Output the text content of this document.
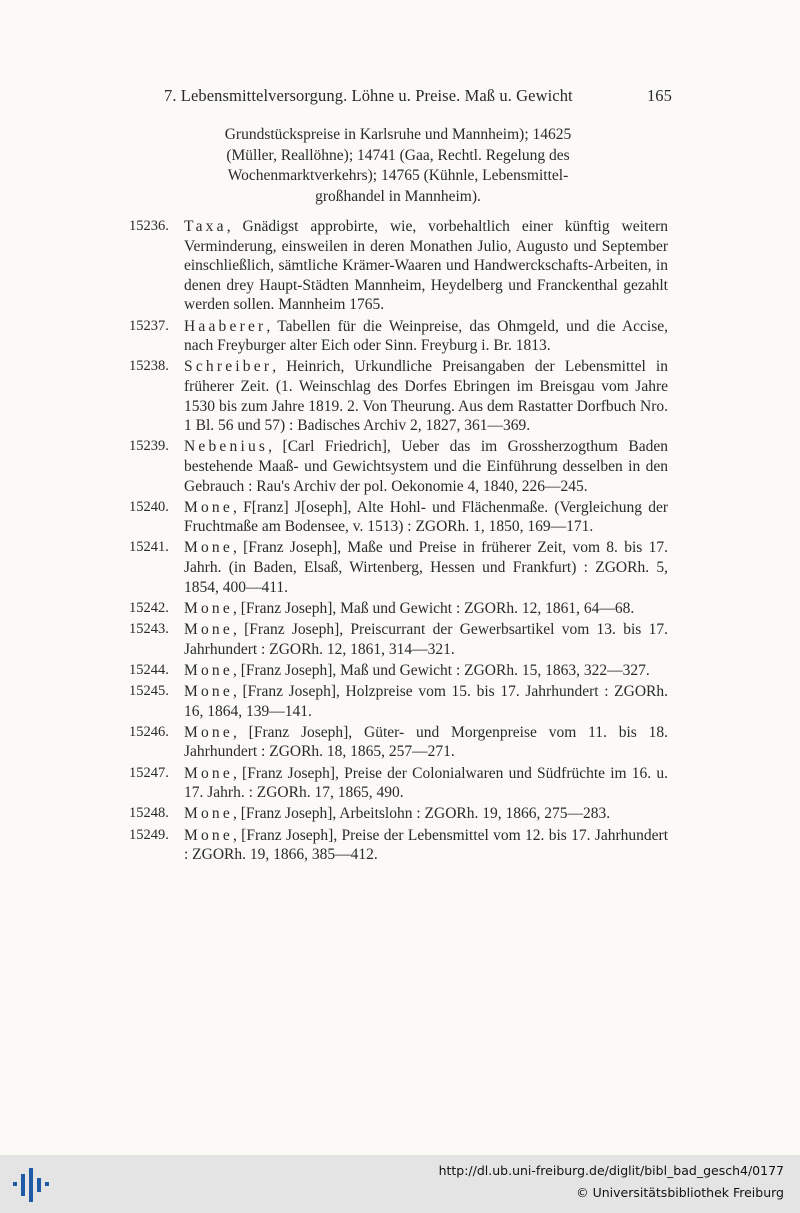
7. Lebensmittelversorgung. Löhne u. Preise. Maß u. Gewicht	165
Grundstückspreise in Karlsruhe und Mannheim); 14625
(Müller, Reallöhne); 14741 (Gaa, Rechtl. Regelung des
Wochenmarktverkehrs); 14765 (Kühnle, Lebensmittel-
großhandel in Mannheim).
15236. Taxa, Gnädigst approbirte, wie, vorbehaltlich einer künftig weitern Verminderung, einsweilen in deren Monathen Julio, Augusto und September einschließlich, sämtliche Krämer-Waaren und Handwerckschafts-Arbeiten, in denen drey Haupt-Städten Mannheim, Heydelberg und Franckenthal gezahlt werden sollen. Mannheim 1765.
15237. Haaberer, Tabellen für die Weinpreise, das Ohmgeld, und die Accise, nach Freyburger alter Eich oder Sinn. Freyburg i. Br. 1813.
15238. Schreiber, Heinrich, Urkundliche Preisangaben der Lebensmittel in früherer Zeit. (1. Weinschlag des Dorfes Ebringen im Breisgau vom Jahre 1530 bis zum Jahre 1819. 2. Von Theurung. Aus dem Rastatter Dorfbuch Nro. 1 Bl. 56 und 57) : Badisches Archiv 2, 1827, 361—369.
15239. Nebenius, [Carl Friedrich], Ueber das im Grossherzogthum Baden bestehende Maaß- und Gewichtsystem und die Einführung desselben in den Gebrauch : Rau's Archiv der pol. Oekonomie 4, 1840, 226—245.
15240. Mone, F[ranz] J[oseph], Alte Hohl- und Flächenmaße. (Vergleichung der Fruchtmaße am Bodensee, v. 1513) : ZGORh. 1, 1850, 169—171.
15241. Mone, [Franz Joseph], Maße und Preise in früherer Zeit, vom 8. bis 17. Jahrh. (in Baden, Elsaß, Wirtenberg, Hessen und Frankfurt) : ZGORh. 5, 1854, 400—411.
15242. Mone, [Franz Joseph], Maß und Gewicht : ZGORh. 12, 1861, 64—68.
15243. Mone, [Franz Joseph], Preiscurrant der Gewerbsartikel vom 13. bis 17. Jahrhundert : ZGORh. 12, 1861, 314—321.
15244. Mone, [Franz Joseph], Maß und Gewicht : ZGORh. 15, 1863, 322—327.
15245. Mone, [Franz Joseph], Holzpreise vom 15. bis 17. Jahrhundert : ZGORh. 16, 1864, 139—141.
15246. Mone, [Franz Joseph], Güter- und Morgenpreise vom 11. bis 18. Jahrhundert : ZGORh. 18, 1865, 257—271.
15247. Mone, [Franz Joseph], Preise der Colonialwaren und Südfrüchte im 16. u. 17. Jahrh. : ZGORh. 17, 1865, 490.
15248. Mone, [Franz Joseph], Arbeitslohn : ZGORh. 19, 1866, 275—283.
15249. Mone, [Franz Joseph], Preise der Lebensmittel vom 12. bis 17. Jahrhundert : ZGORh. 19, 1866, 385—412.
http://dl.ub.uni-freiburg.de/diglit/bibl_bad_gesch4/0177
© Universitätsbibliothek Freiburg
